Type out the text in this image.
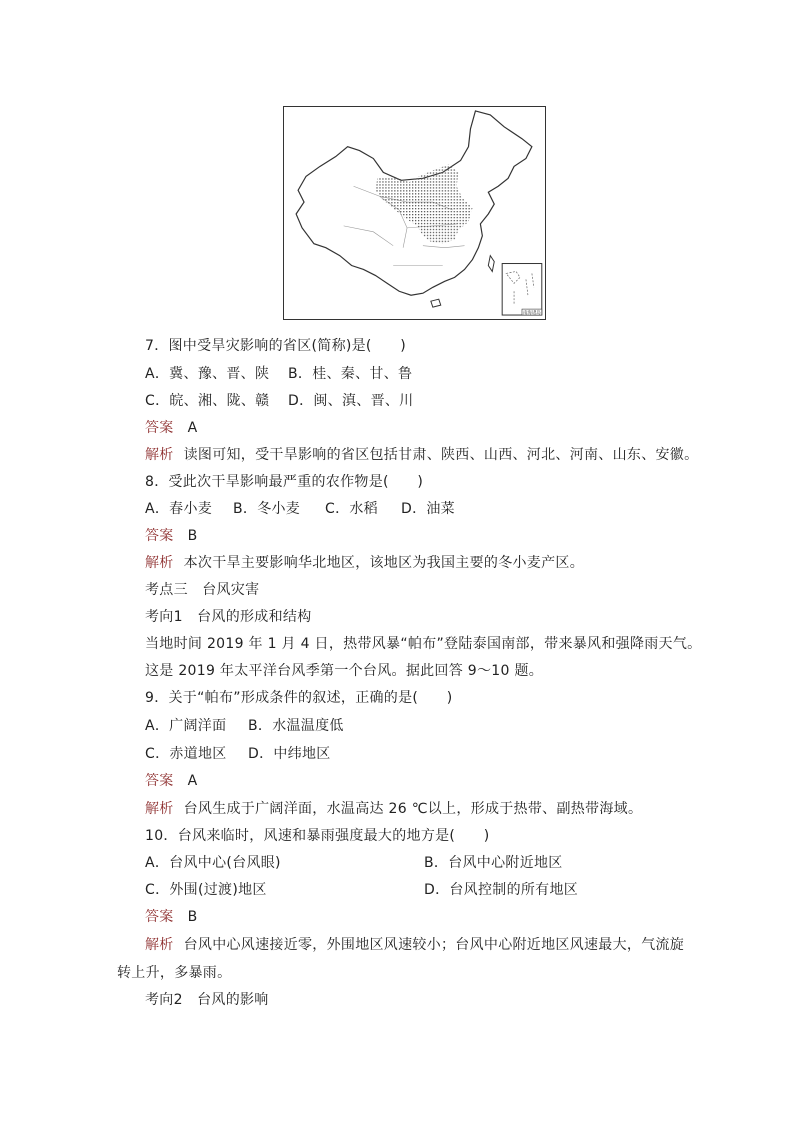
南海诸岛
7．图中受旱灾影响的省区(简称)是(　　)
A．冀、豫、晋、陕 B．桂、秦、甘、鲁
C．皖、湘、陇、赣 D．闽、滇、晋、川
答案 A
解析 读图可知，受干旱影响的省区包括甘肃、陕西、山西、河北、河南、山东、安徽。
8．受此次干旱影响最严重的农作物是(　　)
A．春小麦 B．冬小麦 C．水稻 D．油菜
答案 B
解析 本次干旱主要影响华北地区，该地区为我国主要的冬小麦产区。
考点三　台风灾害
考向1　台风的形成和结构
当地时间 2019 年 1 月 4 日，热带风暴“帕布”登陆泰国南部，带来暴风和强降雨天气。
这是 2019 年太平洋台风季第一个台风。据此回答 9～10 题。
9．关于“帕布”形成条件的叙述，正确的是(　　)
A．广阔洋面 B．水温温度低
C．赤道地区 D．中纬地区
答案 A
解析 台风生成于广阔洋面，水温高达 26 ℃以上，形成于热带、副热带海域。
10．台风来临时，风速和暴雨强度最大的地方是(　　)
A．台风中心(台风眼)	B．台风中心附近地区
C．外围(过渡)地区	D．台风控制的所有地区
答案 B
解析 台风中心风速接近零，外围地区风速较小；台风中心附近地区风速最大，气流旋
转上升，多暴雨。
考向2　台风的影响
